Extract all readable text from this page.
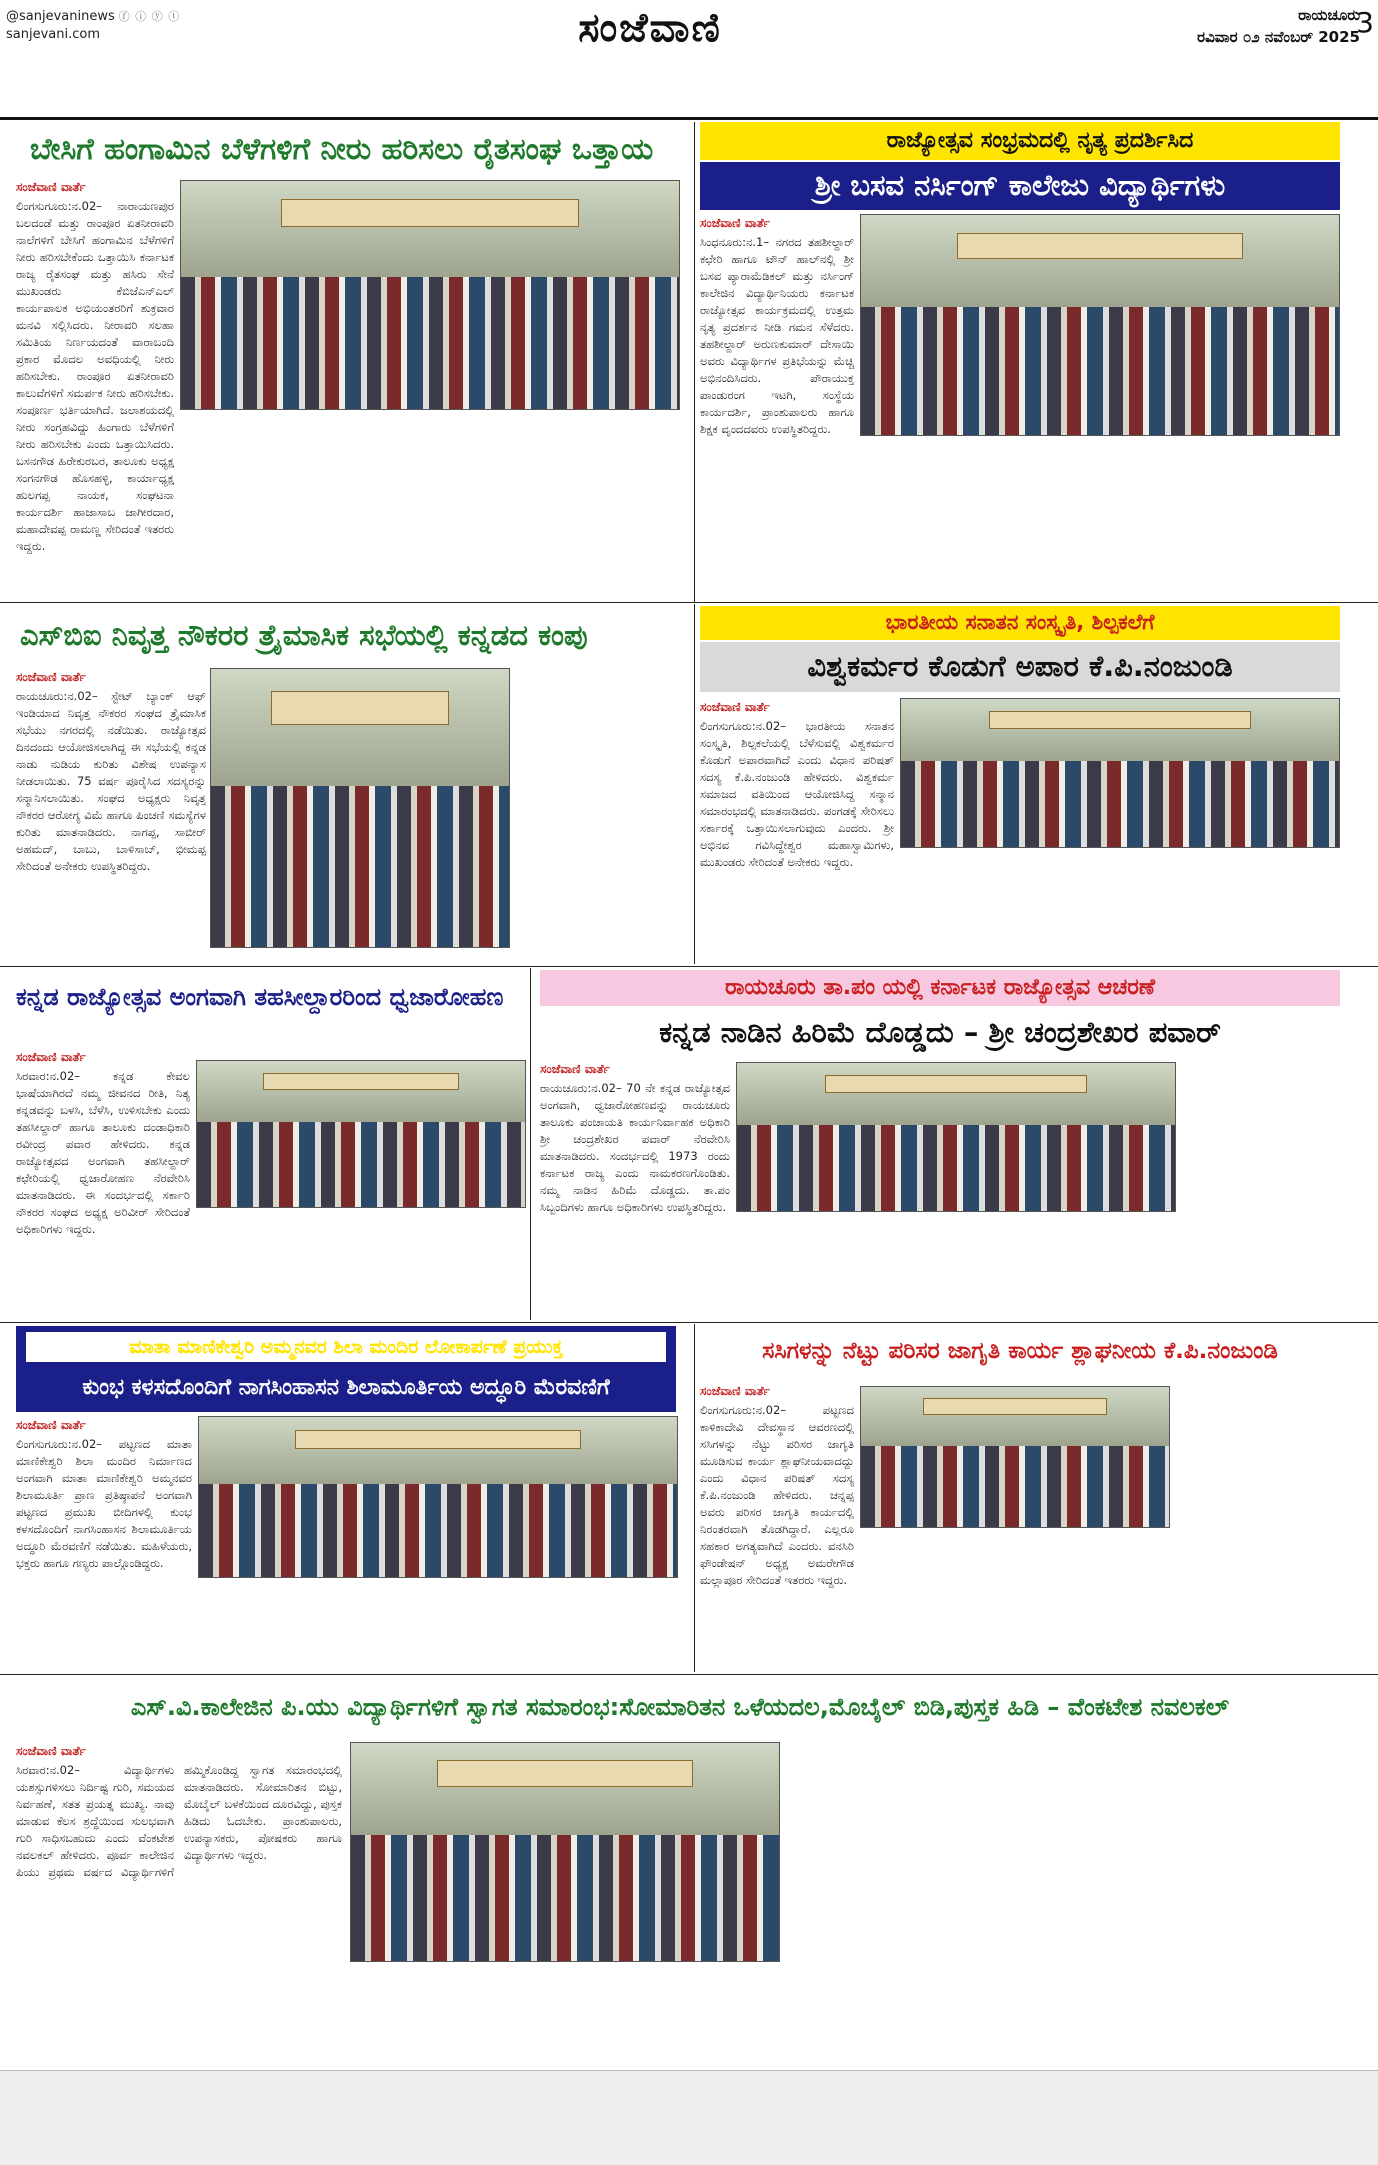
@sanjevaninews ⓕ ⓘ ⓨ ⓣ
sanjevani.com	ಸಂಜೆವಾಣಿ	ರಾಯಚೂರು
ರವಿವಾರ ೦೨ ನವೆಂಬರ್ 2025
3
ಬೇಸಿಗೆ ಹಂಗಾಮಿನ ಬೆಳೆಗಳಿಗೆ ನೀರು ಹರಿಸಲು ರೈತಸಂಘ ಒತ್ತಾಯ
ಸಂಜೆವಾಣಿ ವಾರ್ತೆ
ಲಿಂಗಸುಗೂರು:ನ.02– ನಾರಾಯಣಪುರ ಬಲದಂಡೆ ಮತ್ತು ರಾಂಪೂರ ಏತನೀರಾವರಿ ನಾಲೆಗಳಿಗೆ ಬೇಸಿಗೆ ಹಂಗಾಮಿನ ಬೆಳೆಗಳಿಗೆ ನೀರು ಹರಿಸಬೇಕೆಂದು ಒತ್ತಾಯಿಸಿ ಕರ್ನಾಟಕ ರಾಜ್ಯ ರೈತಸಂಘ ಮತ್ತು ಹಸಿರು ಸೇನೆ ಮುಖಂಡರು ಕೆಬಿಜೆಎನ್‌ಎಲ್ ಕಾರ್ಯಪಾಲಕ ಅಭಿಯಂತರರಿಗೆ ಶುಕ್ರವಾರ ಮನವಿ ಸಲ್ಲಿಸಿದರು. ನೀರಾವರಿ ಸಲಹಾ ಸಮಿತಿಯ ನಿರ್ಣಯದಂತೆ ವಾರಾಬಂದಿ ಪ್ರಕಾರ ಮೊದಲ ಅವಧಿಯಲ್ಲಿ ನೀರು ಹರಿಸಬೇಕು. ರಾಂಪೂರ ಏತನೀರಾವರಿ ಕಾಲುವೆಗಳಿಗೆ ಸಮರ್ಪಕ ನೀರು ಹರಿಸಬೇಕು. ಸಂಪೂರ್ಣ ಭರ್ತಿಯಾಗಿದೆ. ಜಲಾಶಯದಲ್ಲಿ ನೀರು ಸಂಗ್ರಹವಿದ್ದು ಹಿಂಗಾರು ಬೆಳೆಗಳಿಗೆ ನೀರು ಹರಿಸಬೇಕು ಎಂದು ಒತ್ತಾಯಿಸಿದರು. ಬಸನಗೌಡ ಹಿರೇಕುರಬರ, ತಾಲೂಕು ಅಧ್ಯಕ್ಷ ಸಂಗನಗೌಡ ಹೊಸಹಳ್ಳಿ, ಕಾರ್ಯಾಧ್ಯಕ್ಷ ಹುಲಗಪ್ಪ ನಾಯಕ, ಸಂಘಟನಾ ಕಾರ್ಯದರ್ಶಿ ಹಾಜಾಸಾಬ ಜಾಗೀರದಾರ, ಮಹಾದೇವಪ್ಪ ರಾಮಣ್ಣ ಸೇರಿದಂತೆ ಇತರರು ಇದ್ದರು.
ರಾಜ್ಯೋತ್ಸವ ಸಂಭ್ರಮದಲ್ಲಿ ನೃತ್ಯ ಪ್ರದರ್ಶಿಸಿದ
ಶ್ರೀ ಬಸವ ನರ್ಸಿಂಗ್ ಕಾಲೇಜು ವಿದ್ಯಾರ್ಥಿಗಳು
ಸಂಜೆವಾಣಿ ವಾರ್ತೆ
ಸಿಂಧನೂರು:ನ.1– ನಗರದ ತಹಶೀಲ್ದಾರ್ ಕಛೇರಿ ಹಾಗೂ ಟೌನ್ ಹಾಲ್‌ನಲ್ಲಿ ಶ್ರೀ ಬಸವ ಪ್ಯಾರಾಮೆಡಿಕಲ್ ಮತ್ತು ನರ್ಸಿಂಗ್ ಕಾಲೇಜಿನ ವಿದ್ಯಾರ್ಥಿನಿಯರು ಕರ್ನಾಟಕ ರಾಜ್ಯೋತ್ಸವ ಕಾರ್ಯಕ್ರಮದಲ್ಲಿ ಉತ್ತಮ ನೃತ್ಯ ಪ್ರದರ್ಶನ ನೀಡಿ ಗಮನ ಸೆಳೆದರು. ತಹಶೀಲ್ದಾರ್ ಅರುಣಕುಮಾರ್ ದೇಸಾಯಿ ಅವರು ವಿದ್ಯಾರ್ಥಿಗಳ ಪ್ರತಿಭೆಯನ್ನು ಮೆಚ್ಚಿ ಅಭಿನಂದಿಸಿದರು. ಪೌರಾಯುಕ್ತ ಪಾಂಡುರಂಗ ಇಟಗಿ, ಸಂಸ್ಥೆಯ ಕಾರ್ಯದರ್ಶಿ, ಪ್ರಾಂಶುಪಾಲರು ಹಾಗೂ ಶಿಕ್ಷಕ ವೃಂದದವರು ಉಪಸ್ಥಿತರಿದ್ದರು.
ಎಸ್‌ಬಿಐ ನಿವೃತ್ತ ನೌಕರರ ತ್ರೈಮಾಸಿಕ ಸಭೆಯಲ್ಲಿ ಕನ್ನಡದ ಕಂಪು
ಸಂಜೆವಾಣಿ ವಾರ್ತೆ
ರಾಯಚೂರು:ನ.02– ಸ್ಟೇಟ್ ಬ್ಯಾಂಕ್ ಆಫ್ ಇಂಡಿಯಾದ ನಿವೃತ್ತ ನೌಕರರ ಸಂಘದ ತ್ರೈಮಾಸಿಕ ಸಭೆಯು ನಗರದಲ್ಲಿ ನಡೆಯಿತು. ರಾಜ್ಯೋತ್ಸವ ದಿನದಂದು ಆಯೋಜಿಸಲಾಗಿದ್ದ ಈ ಸಭೆಯಲ್ಲಿ ಕನ್ನಡ ನಾಡು ನುಡಿಯ ಕುರಿತು ವಿಶೇಷ ಉಪನ್ಯಾಸ ನೀಡಲಾಯಿತು. 75 ವರ್ಷ ಪೂರೈಸಿದ ಸದಸ್ಯರನ್ನು ಸನ್ಮಾನಿಸಲಾಯಿತು. ಸಂಘದ ಅಧ್ಯಕ್ಷರು ನಿವೃತ್ತ ನೌಕರರ ಆರೋಗ್ಯ ವಿಮೆ ಹಾಗೂ ಪಿಂಚಣಿ ಸಮಸ್ಯೆಗಳ ಕುರಿತು ಮಾತನಾಡಿದರು. ನಾಗಪ್ಪ, ಸಾಬೀರ್ ಅಹಮದ್, ಬಾಬು, ಬಾಳಿಸಾಬ್, ಭೀಮಪ್ಪ ಸೇರಿದಂತೆ ಅನೇಕರು ಉಪಸ್ಥಿತರಿದ್ದರು.
ಭಾರತೀಯ ಸನಾತನ ಸಂಸ್ಕೃತಿ, ಶಿಲ್ಪಕಲೆಗೆ
ವಿಶ್ವಕರ್ಮರ ಕೊಡುಗೆ ಅಪಾರ ಕೆ.ಪಿ.ನಂಜುಂಡಿ
ಸಂಜೆವಾಣಿ ವಾರ್ತೆ
ಲಿಂಗಸುಗೂರು:ನ.02– ಭಾರತೀಯ ಸನಾತನ ಸಂಸ್ಕೃತಿ, ಶಿಲ್ಪಕಲೆಯಲ್ಲಿ ಬೆಳೆಸುವಲ್ಲಿ ವಿಶ್ವಕರ್ಮರ ಕೊಡುಗೆ ಅಪಾರವಾಗಿದೆ ಎಂದು ವಿಧಾನ ಪರಿಷತ್ ಸದಸ್ಯ ಕೆ.ಪಿ.ನಂಜುಂಡಿ ಹೇಳಿದರು. ವಿಶ್ವಕರ್ಮ ಸಮಾಜದ ವತಿಯಿಂದ ಆಯೋಜಿಸಿದ್ದ ಸನ್ಮಾನ ಸಮಾರಂಭದಲ್ಲಿ ಮಾತನಾಡಿದರು. ಪಂಗಡಕ್ಕೆ ಸೇರಿಸಲು ಸರ್ಕಾರಕ್ಕೆ ಒತ್ತಾಯಿಸಲಾಗುವುದು ಎಂದರು. ಶ್ರೀ ಅಭಿನವ ಗವಿಸಿದ್ಧೇಶ್ವರ ಮಹಾಸ್ವಾಮಿಗಳು, ಮುಖಂಡರು ಸೇರಿದಂತೆ ಅನೇಕರು ಇದ್ದರು.
ಕನ್ನಡ ರಾಜ್ಯೋತ್ಸವ ಅಂಗವಾಗಿ ತಹಸೀಲ್ದಾರರಿಂದ ಧ್ವಜಾರೋಹಣ
ಸಂಜೆವಾಣಿ ವಾರ್ತೆ
ಸಿರವಾರ:ನ.02– ಕನ್ನಡ ಕೇವಲ ಭಾಷೆಯಾಗಿರದೆ ನಮ್ಮ ಜೀವನದ ರೀತಿ, ನಿತ್ಯ ಕನ್ನಡವನ್ನು ಬಳಸಿ, ಬೆಳೆಸಿ, ಉಳಿಸಬೇಕು ಎಂದು ತಹಸೀಲ್ದಾರ್ ಹಾಗೂ ತಾಲೂಕು ದಂಡಾಧಿಕಾರಿ ರವೀಂದ್ರ ಪವಾರ ಹೇಳಿದರು. ಕನ್ನಡ ರಾಜ್ಯೋತ್ಸವದ ಅಂಗವಾಗಿ ತಹಸೀಲ್ದಾರ್ ಕಛೇರಿಯಲ್ಲಿ ಧ್ವಜಾರೋಹಣ ನೆರವೇರಿಸಿ ಮಾತನಾಡಿದರು. ಈ ಸಂದರ್ಭದಲ್ಲಿ ಸರ್ಕಾರಿ ನೌಕರರ ಸಂಘದ ಅಧ್ಯಕ್ಷ ಅರಿವೀರ್ ಸೇರಿದಂತೆ ಅಧಿಕಾರಿಗಳು ಇದ್ದರು.
ರಾಯಚೂರು ತಾ.ಪಂ ಯಲ್ಲಿ ಕರ್ನಾಟಕ ರಾಜ್ಯೋತ್ಸವ ಆಚರಣೆ
ಕನ್ನಡ ನಾಡಿನ ಹಿರಿಮೆ ದೊಡ್ಡದು – ಶ್ರೀ ಚಂದ್ರಶೇಖರ ಪವಾರ್
ಸಂಜೆವಾಣಿ ವಾರ್ತೆ
ರಾಯಚೂರು:ನ.02– 70 ನೇ ಕನ್ನಡ ರಾಜ್ಯೋತ್ಸವ ಅಂಗವಾಗಿ, ಧ್ವಜಾರೋಹಣವನ್ನು ರಾಯಚೂರು ತಾಲೂಕು ಪಂಚಾಯತಿ ಕಾರ್ಯನಿರ್ವಾಹಕ ಅಧಿಕಾರಿ ಶ್ರೀ ಚಂದ್ರಶೇಖರ ಪವಾರ್ ನೆರವೇರಿಸಿ ಮಾತನಾಡಿದರು. ಸಂದರ್ಭದಲ್ಲಿ 1973 ರಂದು ಕರ್ನಾಟಕ ರಾಜ್ಯ ಎಂದು ನಾಮಕರಣಗೊಂಡಿತು. ನಮ್ಮ ನಾಡಿನ ಹಿರಿಮೆ ದೊಡ್ಡದು. ತಾ.ಪಂ ಸಿಬ್ಬಂದಿಗಳು ಹಾಗೂ ಅಧಿಕಾರಿಗಳು ಉಪಸ್ಥಿತರಿದ್ದರು.
ಮಾತಾ ಮಾಣಿಕೇಶ್ವರಿ ಅಮ್ಮನವರ ಶಿಲಾ ಮಂದಿರ ಲೋಕಾರ್ಪಣೆ ಪ್ರಯುಕ್ತ
ಕುಂಭ ಕಳಸದೊಂದಿಗೆ ನಾಗಸಿಂಹಾಸನ ಶಿಲಾಮೂರ್ತಿಯ ಅದ್ಧೂರಿ ಮೆರವಣಿಗೆ
ಸಂಜೆವಾಣಿ ವಾರ್ತೆ
ಲಿಂಗಸುಗೂರು:ನ.02– ಪಟ್ಟಣದ ಮಾತಾ ಮಾಣಿಕೇಶ್ವರಿ ಶಿಲಾ ಮಂದಿರ ನಿರ್ಮಾಣದ ಅಂಗವಾಗಿ ಮಾತಾ ಮಾಣಿಕೇಶ್ವರಿ ಅಮ್ಮನವರ ಶಿಲಾಮೂರ್ತಿ ಪ್ರಾಣ ಪ್ರತಿಷ್ಠಾಪನೆ ಅಂಗವಾಗಿ ಪಟ್ಟಣದ ಪ್ರಮುಖ ಬೀದಿಗಳಲ್ಲಿ ಕುಂಭ ಕಳಸದೊಂದಿಗೆ ನಾಗಸಿಂಹಾಸನ ಶಿಲಾಮೂರ್ತಿಯ ಅದ್ಧೂರಿ ಮೆರವಣಿಗೆ ನಡೆಯಿತು. ಮಹಿಳೆಯರು, ಭಕ್ತರು ಹಾಗೂ ಗಣ್ಯರು ಪಾಲ್ಗೊಂಡಿದ್ದರು.
ಸಸಿಗಳನ್ನು ನೆಟ್ಟು ಪರಿಸರ ಜಾಗೃತಿ ಕಾರ್ಯ ಶ್ಲಾಘನೀಯ ಕೆ.ಪಿ.ನಂಜುಂಡಿ
ಸಂಜೆವಾಣಿ ವಾರ್ತೆ
ಲಿಂಗಸುಗೂರು:ನ.02– ಪಟ್ಟಣದ ಕಾಳಿಕಾದೇವಿ ದೇವಸ್ಥಾನ ಆವರಣದಲ್ಲಿ ಸಸಿಗಳನ್ನು ನೆಟ್ಟು ಪರಿಸರ ಜಾಗೃತಿ ಮೂಡಿಸುವ ಕಾರ್ಯ ಶ್ಲಾಘನೀಯವಾದದ್ದು ಎಂದು ವಿಧಾನ ಪರಿಷತ್ ಸದಸ್ಯ ಕೆ.ಪಿ.ನಂಜುಂಡಿ ಹೇಳಿದರು. ಚನ್ನಪ್ಪ ಅವರು ಪರಿಸರ ಜಾಗೃತಿ ಕಾರ್ಯದಲ್ಲಿ ನಿರಂತರವಾಗಿ ತೊಡಗಿದ್ದಾರೆ. ಎಲ್ಲರೂ ಸಹಕಾರ ಅಗತ್ಯವಾಗಿದೆ ಎಂದರು. ವನಸಿರಿ ಫೌಂಡೇಷನ್ ಅಧ್ಯಕ್ಷ ಅಮರೇಗೌಡ ಮಲ್ಲಾಪೂರ ಸೇರಿದಂತೆ ಇತರರು ಇದ್ದರು.
ಎಸ್.ವಿ.ಕಾಲೇಜಿನ ಪಿ.ಯು ವಿದ್ಯಾರ್ಥಿಗಳಿಗೆ ಸ್ವಾಗತ ಸಮಾರಂಭ:ಸೋಮಾರಿತನ ಒಳೆಯದಲ,ಮೊಬೈಲ್ ಬಿಡಿ,ಪುಸ್ತಕ ಹಿಡಿ – ವೆಂಕಟೇಶ ನವಲಕಲ್
ಸಂಜೆವಾಣಿ ವಾರ್ತೆ
ಸಿರವಾರ:ನ.02– ವಿದ್ಯಾರ್ಥಿಗಳು ಯಶಸ್ಸುಗಳಿಸಲು ನಿರ್ದಿಷ್ಟ ಗುರಿ, ಸಮಯದ ನಿರ್ವಹಣೆ, ಸತತ ಪ್ರಯತ್ನ ಮುಖ್ಯ. ನಾವು ಮಾಡುವ ಕೆಲಸ ಶ್ರದ್ಧೆಯಿಂದ ಸುಲಭವಾಗಿ ಗುರಿ ಸಾಧಿಸಬಹುದು ಎಂದು ವೆಂಕಟೇಶ ನವಲಕಲ್ ಹೇಳಿದರು. ಪೂರ್ವ ಕಾಲೇಜಿನ ಪಿಯು ಪ್ರಥಮ ವರ್ಷದ ವಿದ್ಯಾರ್ಥಿಗಳಿಗೆ ಹಮ್ಮಿಕೊಂಡಿದ್ದ ಸ್ವಾಗತ ಸಮಾರಂಭದಲ್ಲಿ ಮಾತನಾಡಿದರು. ಸೋಮಾರಿತನ ಬಿಟ್ಟು, ಮೊಬೈಲ್ ಬಳಕೆಯಿಂದ ದೂರವಿದ್ದು, ಪುಸ್ತಕ ಹಿಡಿದು ಓದಬೇಕು. ಪ್ರಾಂಶುಪಾಲರು, ಉಪನ್ಯಾಸಕರು, ಪೋಷಕರು ಹಾಗೂ ವಿದ್ಯಾರ್ಥಿಗಳು ಇದ್ದರು.
